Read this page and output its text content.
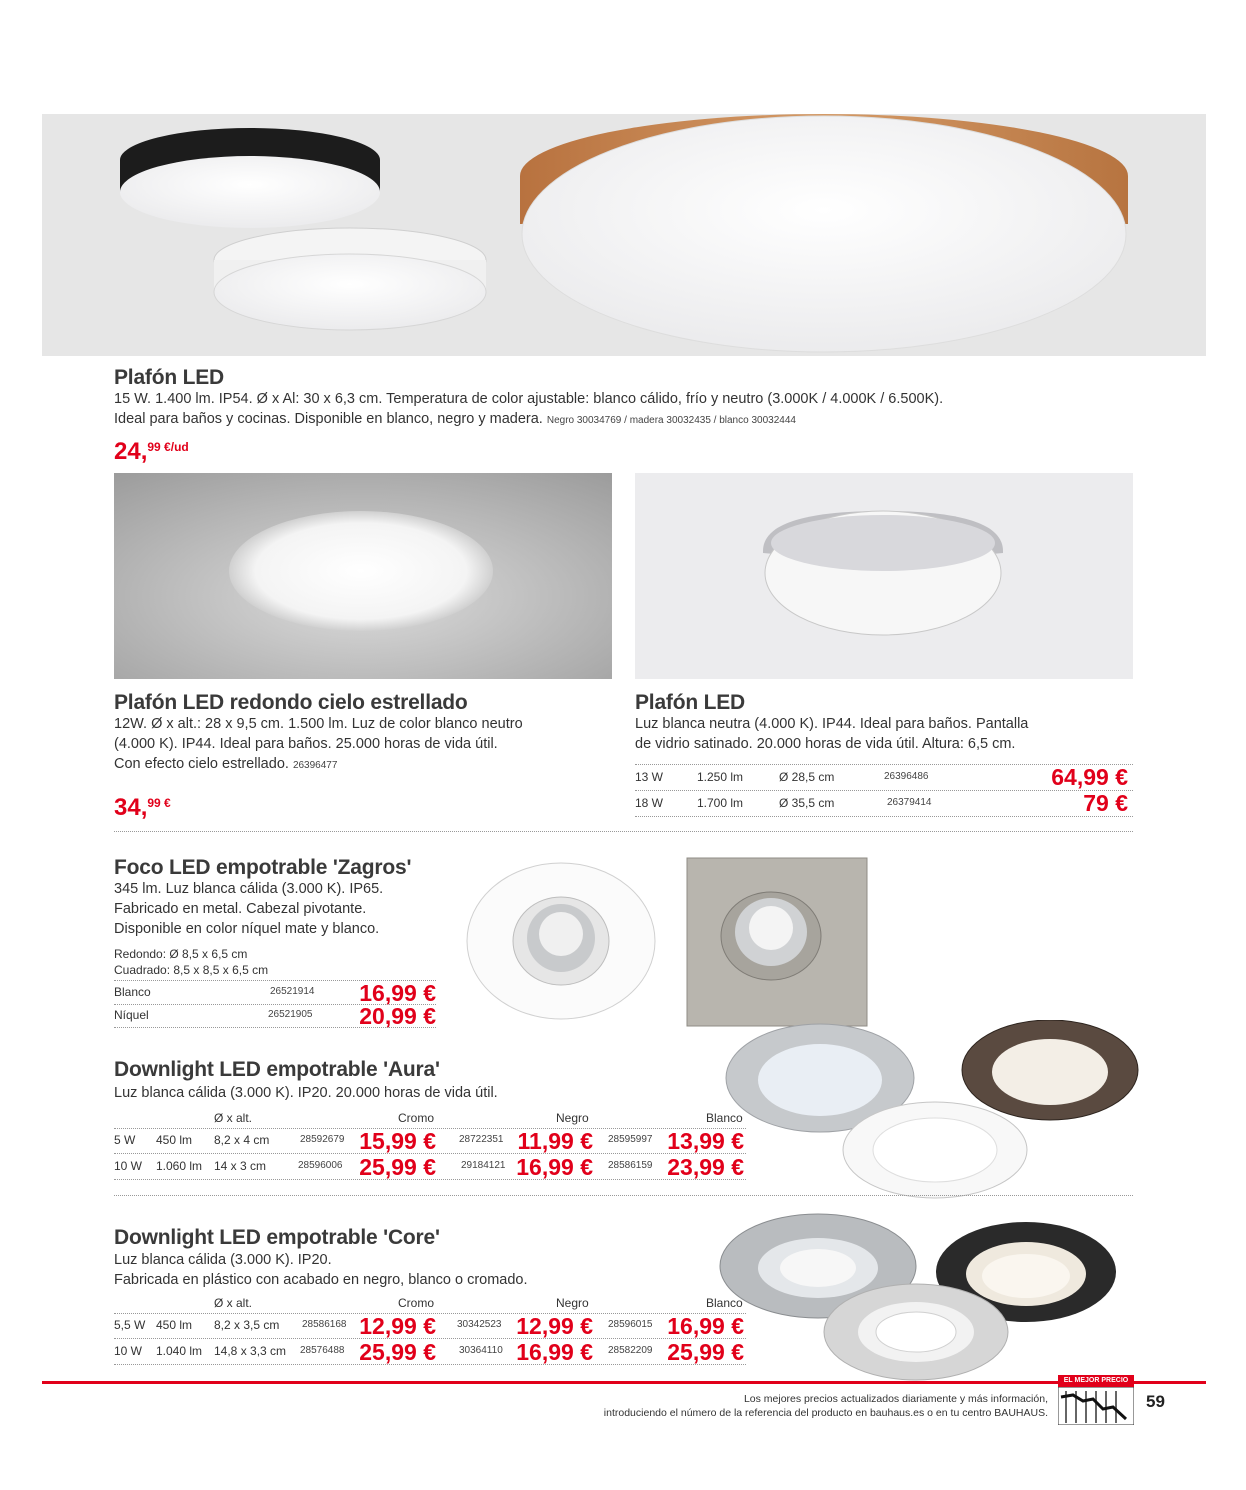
Plafón LED
15 W. 1.400 lm. IP54. Ø x Al: 30 x 6,3 cm. Temperatura de color ajustable: blanco cálido, frío y neutro (3.000K / 4.000K / 6.500K).
Ideal para baños y cocinas. Disponible en blanco, negro y madera. Negro 30034769 / madera 30032435 / blanco 30032444
24,$^{99 €/ud}$
Plafón LED redondo cielo estrellado
12W. Ø x alt.: 28 x 9,5 cm. 1.500 lm. Luz de color blanco neutro
(4.000 K). IP44. Ideal para baños. 25.000 horas de vida útil.
Con efecto cielo estrellado. 26396477
34,$^{99 €}$
Plafón LED
Luz blanca neutra (4.000 K). IP44. Ideal para baños. Pantalla
de vidrio satinado. 20.000 horas de vida útil. Altura: 6,5 cm.
13 W	1.250 lm	Ø 28,5 cm	26396486	64,99 €
18 W	1.700 lm	Ø 35,5 cm	26379414	79 €
Foco LED empotrable 'Zagros'
345 lm. Luz blanca cálida (3.000 K). IP65.
Fabricado en metal. Cabezal pivotante.
Disponible en color níquel mate y blanco.
Redondo: Ø 8,5 x 6,5 cm
Cuadrado: 8,5 x 8,5 x 6,5 cm
Blanco	26521914 16,99 €
Níquel	26521905 20,99 €
Downlight LED empotrable 'Aura'
Luz blanca cálida (3.000 K). IP20. 20.000 horas de vida útil.
Ø x alt.	Cromo	Negro	Blanco
5 W 450 lm 8,2 x 4 cm	28592679 15,99 € 28722351 11,99 € 28595997 13,99 €
10 W 1.060 lm 14 x 3 cm	28596006 25,99 €	29184121 16,99 € 28586159 23,99 €
Downlight LED empotrable 'Core'
Luz blanca cálida (3.000 K). IP20.
Fabricada en plástico con acabado en negro, blanco o cromado.
Ø x alt.	Cromo	Negro	Blanco
5,5 W 450 lm 8,2 x 3,5 cm 28586168 12,99 € 30342523 12,99 € 28596015 16,99 €
10 W 1.040 lm 14,8 x 3,3 cm 28576488 25,99 € 30364110 16,99 € 28582209 25,99 €
Los mejores precios actualizados diariamente y más información,
introduciendo el número de la referencia del producto en bauhaus.es o en tu centro BAUHAUS.
EL MEJOR PRECIO
59
